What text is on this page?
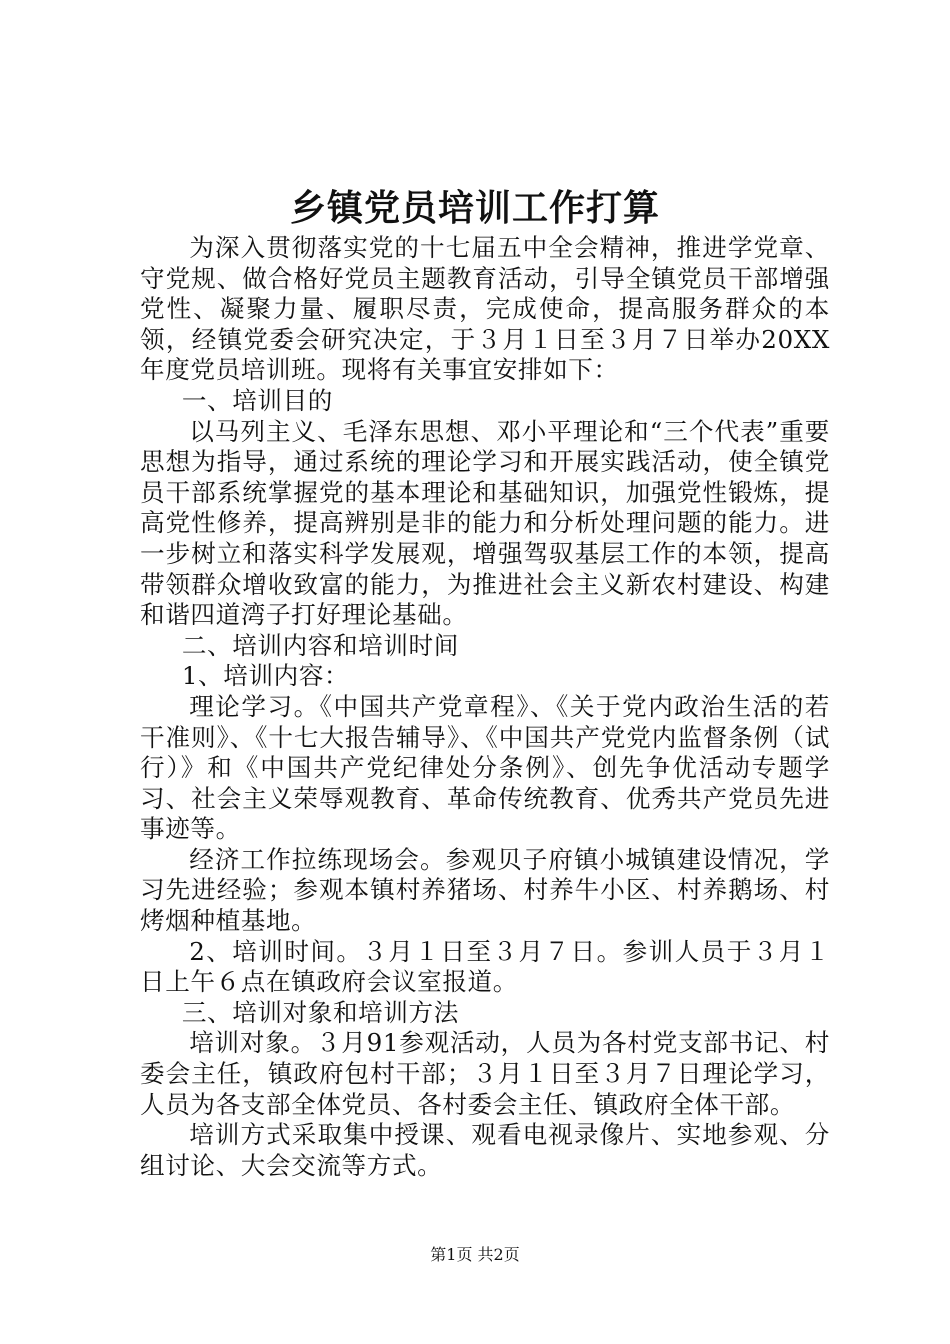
乡镇党员培训工作打算

为深入贯彻落实党的十七届五中全会精神，推进学党章、守党规、做合格好党员主题教育活动，引导全镇党员干部增强党性、凝聚力量、履职尽责，完成使命，提高服务群众的本领，经镇党委会研究决定，于３月１日至３月７日举办20XX年度党员培训班。现将有关事宜安排如下：

一、培训目的

以马列主义、毛泽东思想、邓小平理论和“三个代表”重要思想为指导，通过系统的理论学习和开展实践活动，使全镇党员干部系统掌握党的基本理论和基础知识，加强党性锻炼，提高党性修养，提高辨别是非的能力和分析处理问题的能力。进一步树立和落实科学发展观，增强驾驭基层工作的本领，提高带领群众增收致富的能力，为推进社会主义新农村建设、构建和谐四道湾子打好理论基础。

二、培训内容和培训时间

1、培训内容：

理论学习。《中国共产党章程》、《关于党内政治生活的若干准则》、《十七大报告辅导》、《中国共产党党内监督条例（试行）》和《中国共产党纪律处分条例》、创先争优活动专题学习、社会主义荣辱观教育、革命传统教育、优秀共产党员先进事迹等。

经济工作拉练现场会。参观贝子府镇小城镇建设情况，学习先进经验；参观本镇村养猪场、村养牛小区、村养鹅场、村烤烟种植基地。

2、培训时间。３月１日至３月７日。参训人员于３月１日上午６点在镇政府会议室报道。

三、培训对象和培训方法

培训对象。３月91参观活动，人员为各村党支部书记、村委会主任，镇政府包村干部；３月１日至３月７日理论学习，人员为各支部全体党员、各村委会主任、镇政府全体干部。

培训方式采取集中授课、观看电视录像片、实地参观、分组讨论、大会交流等方式。

第1页 共2页
